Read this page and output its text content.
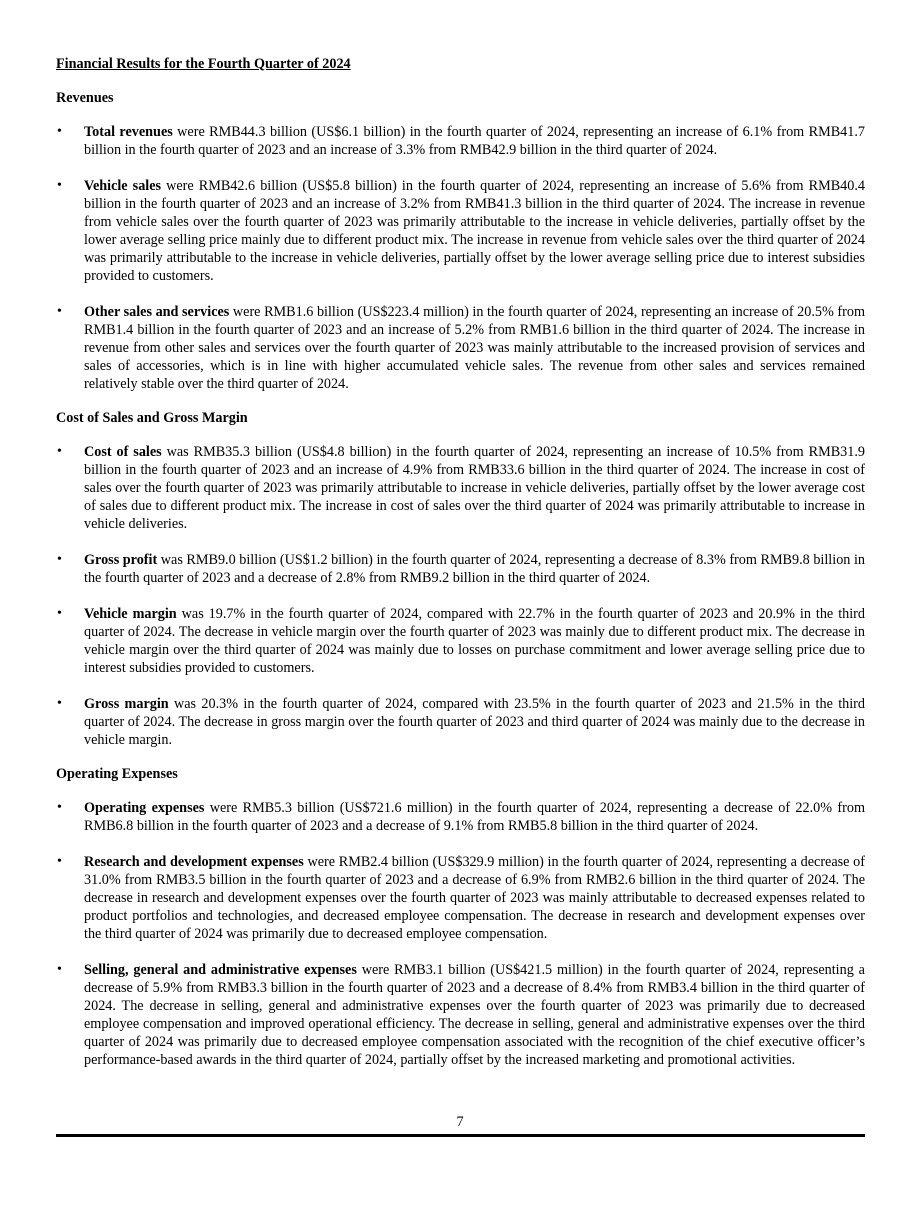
Financial Results for the Fourth Quarter of 2024
Revenues
• Total revenues were RMB44.3 billion (US$6.1 billion) in the fourth quarter of 2024, representing an increase of 6.1% from RMB41.7 billion in the fourth quarter of 2023 and an increase of 3.3% from RMB42.9 billion in the third quarter of 2024.
• Vehicle sales were RMB42.6 billion (US$5.8 billion) in the fourth quarter of 2024, representing an increase of 5.6% from RMB40.4 billion in the fourth quarter of 2023 and an increase of 3.2% from RMB41.3 billion in the third quarter of 2024. The increase in revenue from vehicle sales over the fourth quarter of 2023 was primarily attributable to the increase in vehicle deliveries, partially offset by the lower average selling price mainly due to different product mix. The increase in revenue from vehicle sales over the third quarter of 2024 was primarily attributable to the increase in vehicle deliveries, partially offset by the lower average selling price due to interest subsidies provided to customers.
• Other sales and services were RMB1.6 billion (US$223.4 million) in the fourth quarter of 2024, representing an increase of 20.5% from RMB1.4 billion in the fourth quarter of 2023 and an increase of 5.2% from RMB1.6 billion in the third quarter of 2024. The increase in revenue from other sales and services over the fourth quarter of 2023 was mainly attributable to the increased provision of services and sales of accessories, which is in line with higher accumulated vehicle sales. The revenue from other sales and services remained relatively stable over the third quarter of 2024.
Cost of Sales and Gross Margin
• Cost of sales was RMB35.3 billion (US$4.8 billion) in the fourth quarter of 2024, representing an increase of 10.5% from RMB31.9 billion in the fourth quarter of 2023 and an increase of 4.9% from RMB33.6 billion in the third quarter of 2024. The increase in cost of sales over the fourth quarter of 2023 was primarily attributable to increase in vehicle deliveries, partially offset by the lower average cost of sales due to different product mix. The increase in cost of sales over the third quarter of 2024 was primarily attributable to increase in vehicle deliveries.
• Gross profit was RMB9.0 billion (US$1.2 billion) in the fourth quarter of 2024, representing a decrease of 8.3% from RMB9.8 billion in the fourth quarter of 2023 and a decrease of 2.8% from RMB9.2 billion in the third quarter of 2024.
• Vehicle margin was 19.7% in the fourth quarter of 2024, compared with 22.7% in the fourth quarter of 2023 and 20.9% in the third quarter of 2024. The decrease in vehicle margin over the fourth quarter of 2023 was mainly due to different product mix. The decrease in vehicle margin over the third quarter of 2024 was mainly due to losses on purchase commitment and lower average selling price due to interest subsidies provided to customers.
• Gross margin was 20.3% in the fourth quarter of 2024, compared with 23.5% in the fourth quarter of 2023 and 21.5% in the third quarter of 2024. The decrease in gross margin over the fourth quarter of 2023 and third quarter of 2024 was mainly due to the decrease in vehicle margin.
Operating Expenses
• Operating expenses were RMB5.3 billion (US$721.6 million) in the fourth quarter of 2024, representing a decrease of 22.0% from RMB6.8 billion in the fourth quarter of 2023 and a decrease of 9.1% from RMB5.8 billion in the third quarter of 2024.
• Research and development expenses were RMB2.4 billion (US$329.9 million) in the fourth quarter of 2024, representing a decrease of 31.0% from RMB3.5 billion in the fourth quarter of 2023 and a decrease of 6.9% from RMB2.6 billion in the third quarter of 2024. The decrease in research and development expenses over the fourth quarter of 2023 was mainly attributable to decreased expenses related to product portfolios and technologies, and decreased employee compensation. The decrease in research and development expenses over the third quarter of 2024 was primarily due to decreased employee compensation.
• Selling, general and administrative expenses were RMB3.1 billion (US$421.5 million) in the fourth quarter of 2024, representing a decrease of 5.9% from RMB3.3 billion in the fourth quarter of 2023 and a decrease of 8.4% from RMB3.4 billion in the third quarter of 2024. The decrease in selling, general and administrative expenses over the fourth quarter of 2023 was primarily due to decreased employee compensation and improved operational efficiency. The decrease in selling, general and administrative expenses over the third quarter of 2024 was primarily due to decreased employee compensation associated with the recognition of the chief executive officer’s performance-based awards in the third quarter of 2024, partially offset by the increased marketing and promotional activities.
7
